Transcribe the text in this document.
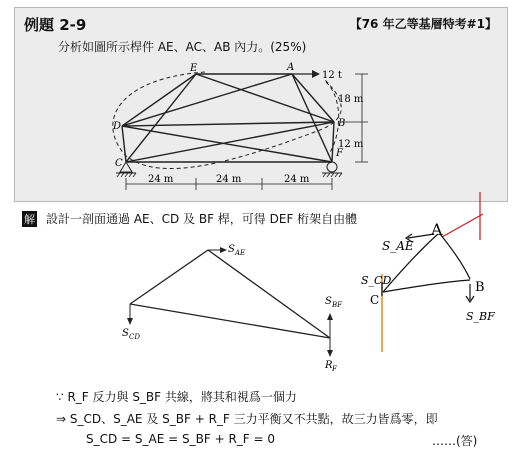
例題 2-9	【76 年乙等基層特考#1】
分析如圖所示桿件 AE、AC、AB 內力。(25%)
12 t
E	A
D	B
C
F
18 m
12 m
24 m	24 m	24 m
解 設計一剖面通過 AE、CD 及 BF 桿，可得 DEF 桁架自由體
S AE
S CD
S BF
R F
A
B
C
S_AE
S_CD
S_BF
∵ R_F 反力與 S_BF 共線，將其和視爲一個力
⇒ S_CD、S_AE 及 S_BF + R_F 三力平衡又不共點，故三力皆爲零，即
S_CD = S_AE = S_BF + R_F = 0	……(答)
